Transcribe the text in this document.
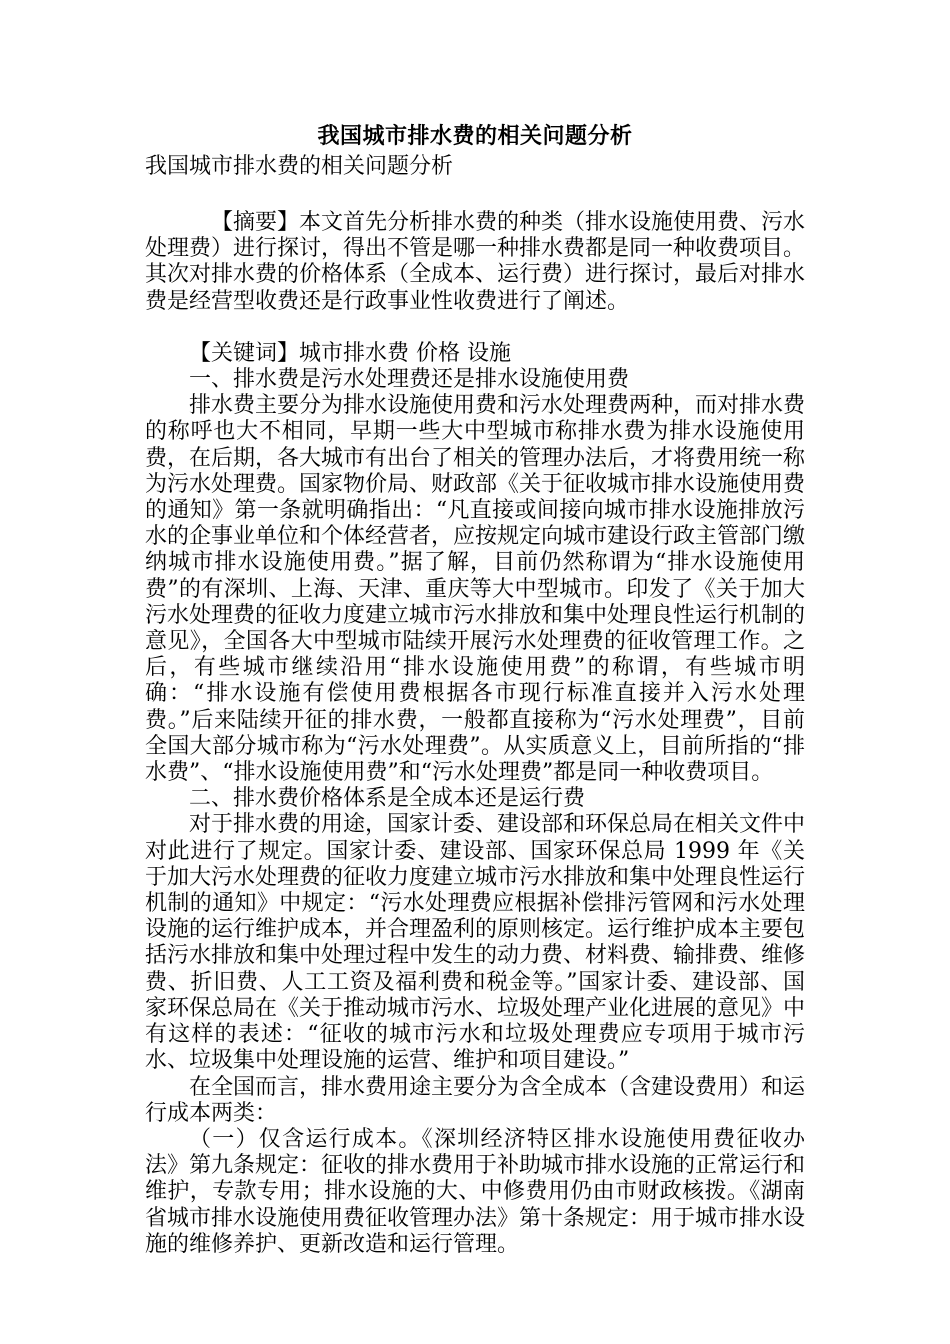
我国城市排水费的相关问题分析

我国城市排水费的相关问题分析

【摘要】本文首先分析排水费的种类（排水设施使用费、污水处理费）进行探讨，得出不管是哪一种排水费都是同一种收费项目。其次对排水费的价格体系（全成本、运行费）进行探讨，最后对排水费是经营型收费还是行政事业性收费进行了阐述。

【关键词】城市排水费 价格 设施

一、排水费是污水处理费还是排水设施使用费

排水费主要分为排水设施使用费和污水处理费两种，而对排水费的称呼也大不相同，早期一些大中型城市称排水费为排水设施使用费，在后期，各大城市有出台了相关的管理办法后，才将费用统一称为污水处理费。国家物价局、财政部《关于征收城市排水设施使用费的通知》第一条就明确指出：“凡直接或间接向城市排水设施排放污水的企事业单位和个体经营者，应按规定向城市建设行政主管部门缴纳城市排水设施使用费。”据了解，目前仍然称谓为“排水设施使用费”的有深圳、上海、天津、重庆等大中型城市。印发了《关于加大污水处理费的征收力度建立城市污水排放和集中处理良性运行机制的意见》，全国各大中型城市陆续开展污水处理费的征收管理工作。之后，有些城市继续沿用“排水设施使用费”的称谓，有些城市明确：“排水设施有偿使用费根据各市现行标准直接并入污水处理费。”后来陆续开征的排水费，一般都直接称为“污水处理费”，目前全国大部分城市称为“污水处理费”。从实质意义上，目前所指的“排水费”、“排水设施使用费”和“污水处理费”都是同一种收费项目。

二、排水费价格体系是全成本还是运行费

对于排水费的用途，国家计委、建设部和环保总局在相关文件中对此进行了规定。国家计委、建设部、国家环保总局 1999 年《关于加大污水处理费的征收力度建立城市污水排放和集中处理良性运行机制的通知》中规定：“污水处理费应根据补偿排污管网和污水处理设施的运行维护成本，并合理盈利的原则核定。运行维护成本主要包括污水排放和集中处理过程中发生的动力费、材料费、输排费、维修费、折旧费、人工工资及福利费和税金等。”国家计委、建设部、国家环保总局在《关于推动城市污水、垃圾处理产业化进展的意见》中有这样的表述：“征收的城市污水和垃圾处理费应专项用于城市污水、垃圾集中处理设施的运营、维护和项目建设。”

在全国而言，排水费用途主要分为含全成本（含建设费用）和运行成本两类：

（一）仅含运行成本。《深圳经济特区排水设施使用费征收办法》第九条规定：征收的排水费用于补助城市排水设施的正常运行和维护，专款专用；排水设施的大、中修费用仍由市财政核拨。《湖南省城市排水设施使用费征收管理办法》第十条规定：用于城市排水设施的维修养护、更新改造和运行管理。
